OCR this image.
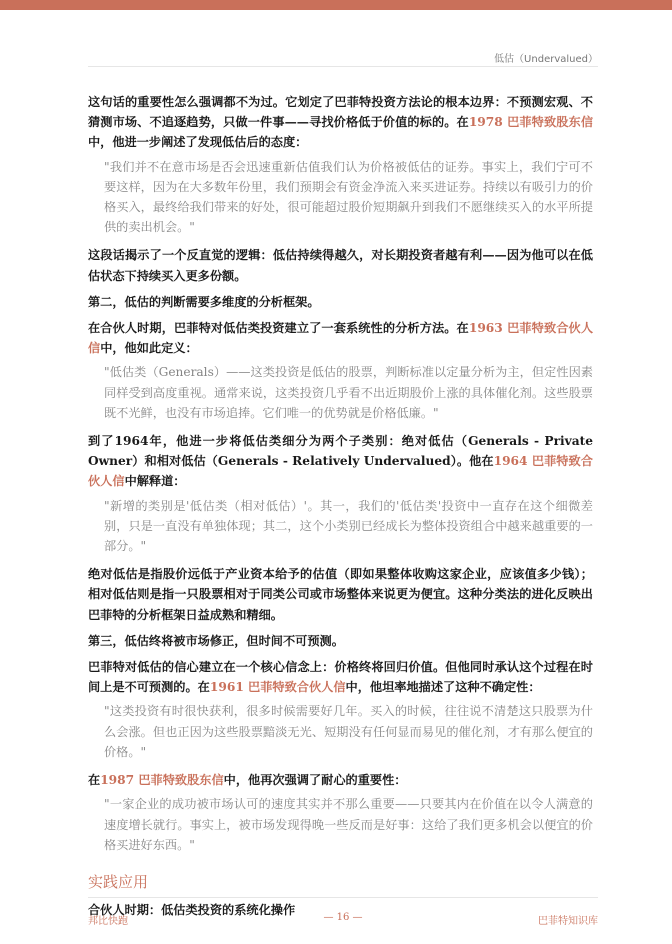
低估（Undervalued）

这句话的重要性怎么强调都不为过。它划定了巴菲特投资方法论的根本边界：不预测宏观、不猜测市场、不追逐趋势，只做一件事——寻找价格低于价值的标的。在1978 巴菲特致股东信中，他进一步阐述了发现低估后的态度：

"我们并不在意市场是否会迅速重新估值我们认为价格被低估的证券。事实上，我们宁可不要这样，因为在大多数年份里，我们预期会有资金净流入来买进证券。持续以有吸引力的价格买入，最终给我们带来的好处，很可能超过股价短期飙升到我们不愿继续买入的水平所提供的卖出机会。"

这段话揭示了一个反直觉的逻辑：低估持续得越久，对长期投资者越有利——因为他可以在低估状态下持续买入更多份额。

第二，低估的判断需要多维度的分析框架。

在合伙人时期，巴菲特对低估类投资建立了一套系统性的分析方法。在1963 巴菲特致合伙人信中，他如此定义：

"低估类（Generals）——这类投资是低估的股票，判断标准以定量分析为主，但定性因素同样受到高度重视。通常来说，这类投资几乎看不出近期股价上涨的具体催化剂。这些股票既不光鲜，也没有市场追捧。它们唯一的优势就是价格低廉。"

到了1964年，他进一步将低估类细分为两个子类别：绝对低估（Generals - Private Owner）和相对低估（Generals - Relatively Undervalued）。他在1964 巴菲特致合伙人信中解释道：

"新增的类别是'低估类（相对低估）'。其一，我们的'低估类'投资中一直存在这个细微差别，只是一直没有单独体现；其二，这个小类别已经成长为整体投资组合中越来越重要的一部分。"

绝对低估是指股价远低于产业资本给予的估值（即如果整体收购这家企业，应该值多少钱）；相对低估则是指一只股票相对于同类公司或市场整体来说更为便宜。这种分类法的进化反映出巴菲特的分析框架日益成熟和精细。

第三，低估终将被市场修正，但时间不可预测。

巴菲特对低估的信心建立在一个核心信念上：价格终将回归价值。但他同时承认这个过程在时间上是不可预测的。在1961 巴菲特致合伙人信中，他坦率地描述了这种不确定性：

"这类投资有时很快获利，很多时候需要好几年。买入的时候，往往说不清楚这只股票为什么会涨。但也正因为这些股票黯淡无光、短期没有任何显而易见的催化剂，才有那么便宜的价格。"

在1987 巴菲特致股东信中，他再次强调了耐心的重要性：

"一家企业的成功被市场认可的速度其实并不那么重要——只要其内在价值在以令人满意的速度增长就行。事实上，被市场发现得晚一些反而是好事：这给了我们更多机会以便宜的价格买进好东西。"
实践应用

合伙人时期：低估类投资的系统化操作

邦比快跑	— 16 —	巴菲特知识库
